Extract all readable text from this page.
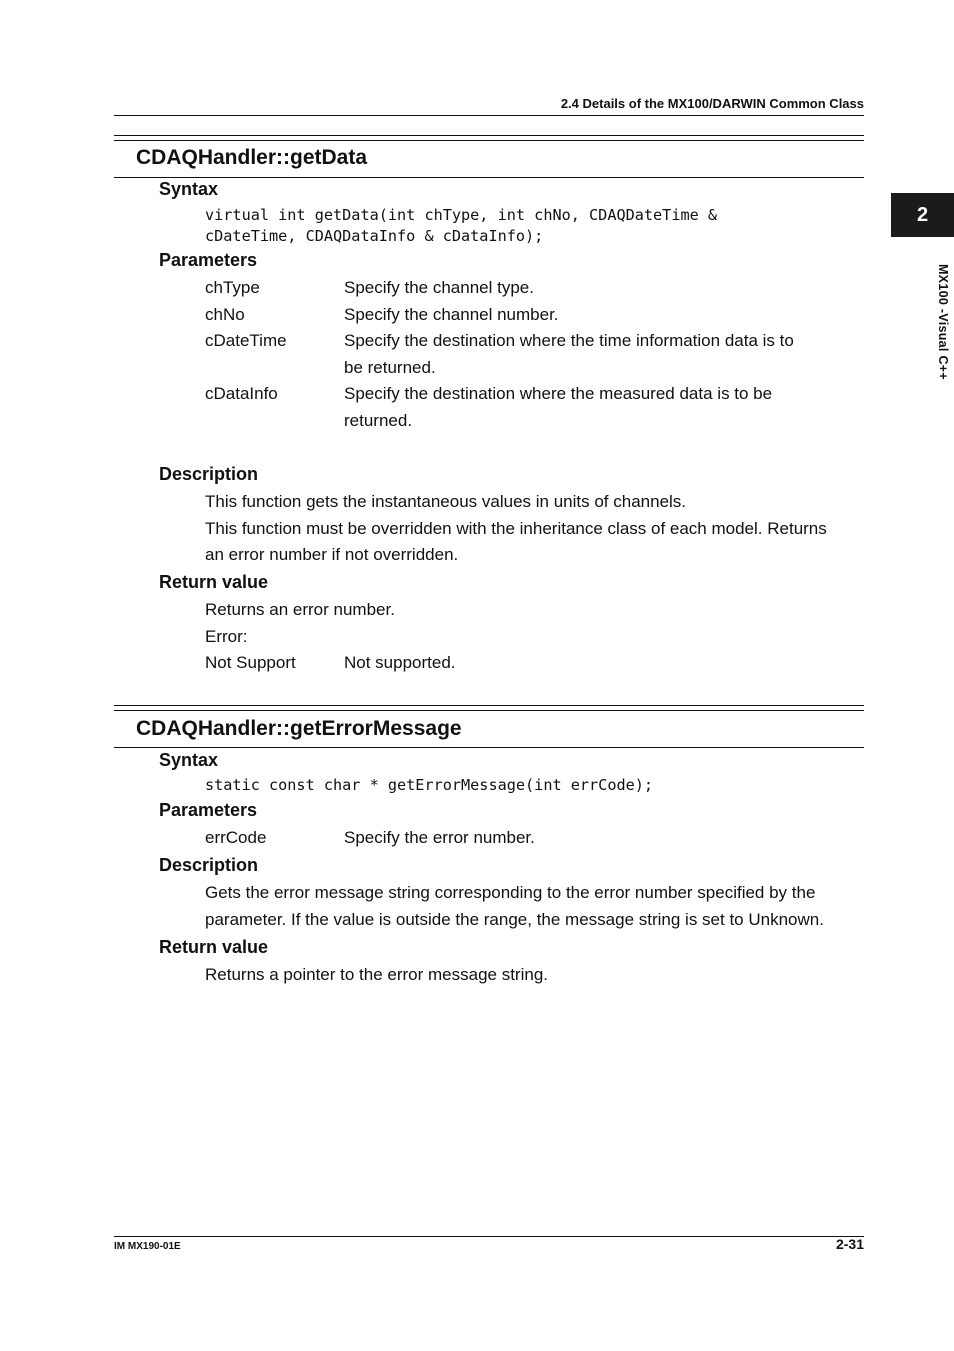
2.4 Details of the MX100/DARWIN Common Class
2
MX100 -Visual C++
CDAQHandler::getData
Syntax
virtual int getData(int chType, int chNo, CDAQDateTime &
cDateTime, CDAQDataInfo & cDataInfo);
Parameters
chType	Specify the channel type.
chNo	Specify the channel number.
cDateTime	Specify the destination where the time information data is to be returned.
cDataInfo	Specify the destination where the measured data is to be returned.
Description
This function gets the instantaneous values in units of channels.
This function must be overridden with the inheritance class of each model. Returns
an error number if not overridden.
Return value
Returns an error number.
Error:
Not Support	Not supported.
CDAQHandler::getErrorMessage
Syntax
static const char * getErrorMessage(int errCode);
Parameters
errCode	Specify the error number.
Description
Gets the error message string corresponding to the error number specified by the
parameter. If the value is outside the range, the message string is set to Unknown.
Return value
Returns a pointer to the error message string.
IM MX190-01E	2-31
